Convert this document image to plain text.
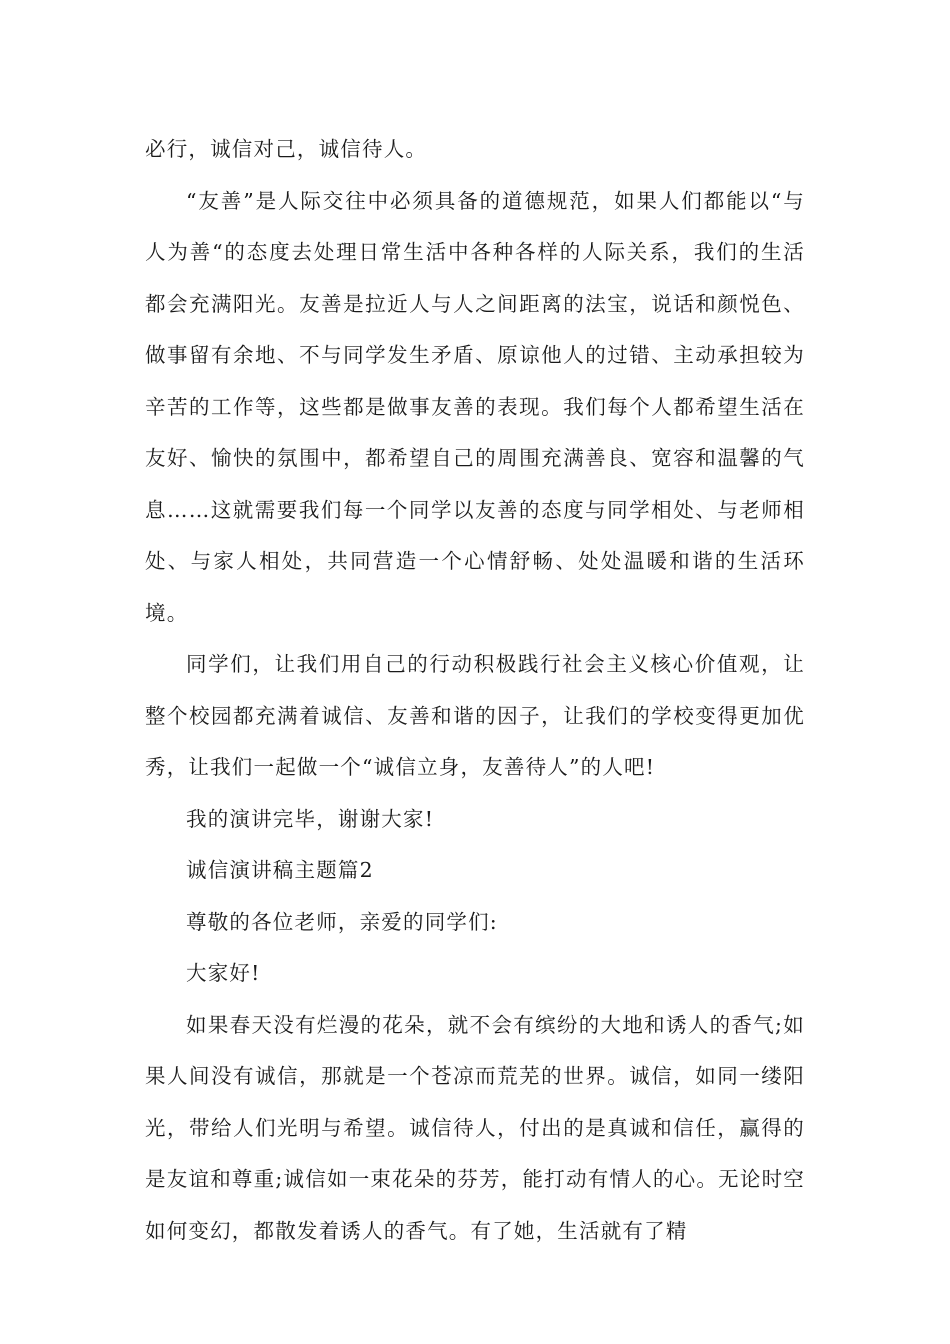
必行，诚信对己，诚信待人。

“友善”是人际交往中必须具备的道德规范，如果人们都能以“与人为善“的态度去处理日常生活中各种各样的人际关系，我们的生活都会充满阳光。友善是拉近人与人之间距离的法宝，说话和颜悦色、做事留有余地、不与同学发生矛盾、原谅他人的过错、主动承担较为辛苦的工作等，这些都是做事友善的表现。我们每个人都希望生活在友好、愉快的氛围中，都希望自己的周围充满善良、宽容和温馨的气息……这就需要我们每一个同学以友善的态度与同学相处、与老师相处、与家人相处，共同营造一个心情舒畅、处处温暖和谐的生活环境。

同学们，让我们用自己的行动积极践行社会主义核心价值观，让整个校园都充满着诚信、友善和谐的因子，让我们的学校变得更加优秀，让我们一起做一个“诚信立身，友善待人”的人吧!

我的演讲完毕，谢谢大家!

诚信演讲稿主题篇2

尊敬的各位老师，亲爱的同学们:

大家好!

如果春天没有烂漫的花朵，就不会有缤纷的大地和诱人的香气;如果人间没有诚信，那就是一个苍凉而荒芜的世界。诚信，如同一缕阳光，带给人们光明与希望。诚信待人，付出的是真诚和信任，赢得的是友谊和尊重;诚信如一束花朵的芬芳，能打动有情人的心。无论时空如何变幻，都散发着诱人的香气。有了她，生活就有了精
